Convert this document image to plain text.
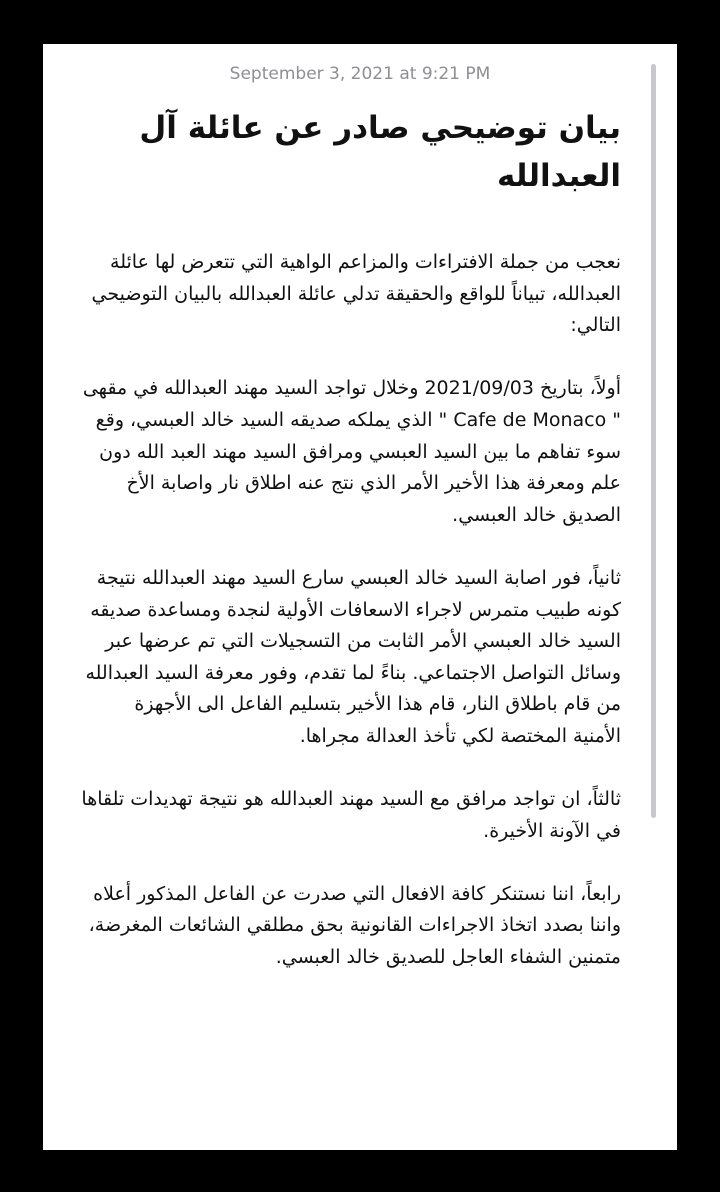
September 3, 2021 at 9:21 PM
بيان توضيحي صادر عن عائلة آل العبدالله

نعجب من جملة الافتراءات والمزاعم الواهية التي تتعرض لها عائلة العبدالله، تبياناً للواقع والحقيقة تدلي عائلة العبدالله بالبيان التوضيحي التالي:

أولاً، بتاريخ 2021/09/03 وخلال تواجد السيد مهند العبدالله في مقهى " Cafe de Monaco " الذي يملكه صديقه السيد خالد العبسي، وقع سوء تفاهم ما بين السيد العبسي ومرافق السيد مهند العبد الله دون علم ومعرفة هذا الأخير الأمر الذي نتج عنه اطلاق نار واصابة الأخ الصديق خالد العبسي.

ثانياً، فور اصابة السيد خالد العبسي سارع السيد مهند العبدالله نتيجة كونه طبيب متمرس لاجراء الاسعافات الأولية لنجدة ومساعدة صديقه السيد خالد العبسي الأمر الثابت من التسجيلات التي تم عرضها عبر وسائل التواصل الاجتماعي. بناءً لما تقدم، وفور معرفة السيد العبدالله من قام باطلاق النار، قام هذا الأخير بتسليم الفاعل الى الأجهزة الأمنية المختصة لكي تأخذ العدالة مجراها.

ثالثاً، ان تواجد مرافق مع السيد مهند العبدالله هو نتيجة تهديدات تلقاها في الآونة الأخيرة.

رابعاً، اننا نستنكر كافة الافعال التي صدرت عن الفاعل المذكور أعلاه واننا بصدد اتخاذ الاجراءات القانونية بحق مطلقي الشائعات المغرضة، متمنين الشفاء العاجل للصديق خالد العبسي.
